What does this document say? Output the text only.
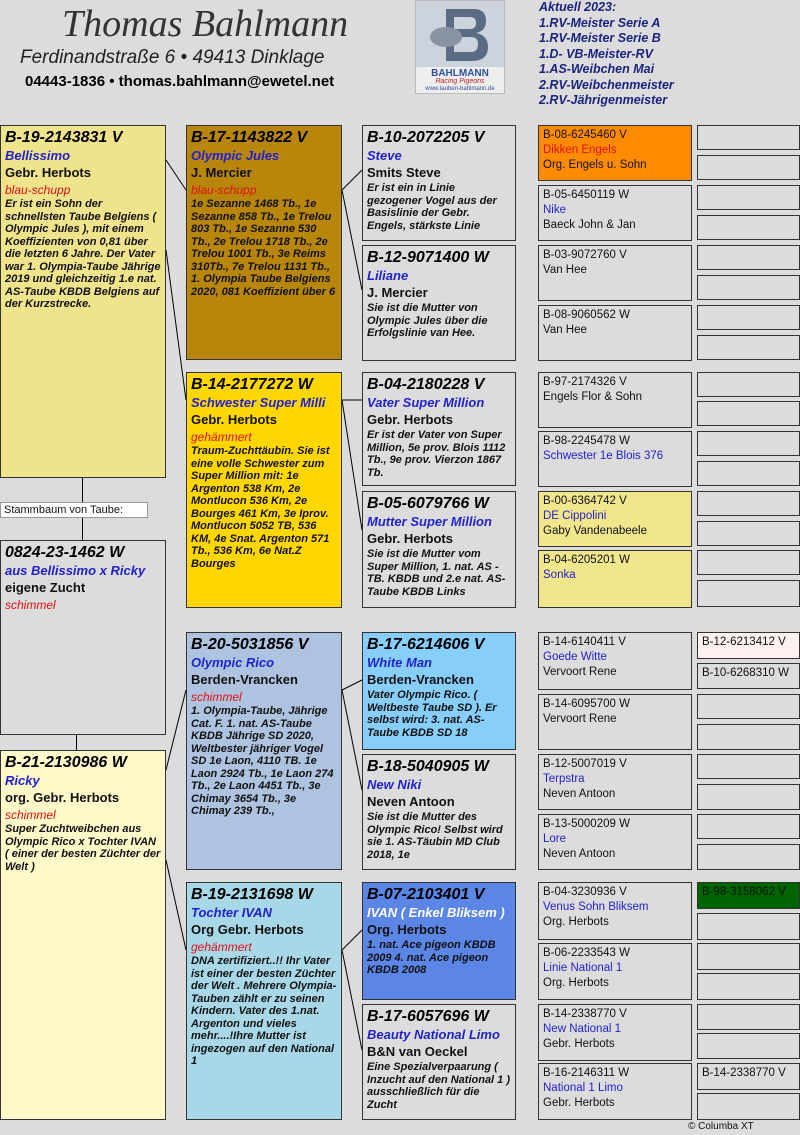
Thomas Bahlmann
Ferdinandstraße 6 • 49413 Dinklage
04443-1836 • thomas.bahlmann@ewetel.net	BAHLMANN
Racing Pigeons
www.tauben-bahlmann.de
Aktuell 2023:
1.RV-Meister Serie A
1.RV-Meister Serie B
1.D- VB-Meister-RV
1.AS-Weibchen Mai
2.RV-Weibchenmeister
2.RV-Jährigenmeister
B-19-2143831 V
Bellissimo
Gebr. Herbots
blau-schupp
Er ist ein Sohn der schnellsten Taube Belgiens ( Olympic Jules ), mit einem Koeffizienten von 0,81 über die letzten 6 Jahre. Der Vater war 1. Olympia-Taube Jährige 2019 und gleichzeitig 1.e nat. AS-Taube KBDB Belgiens auf der Kurzstrecke.
Stammbaum von Taube:
0824-23-1462 W
aus Bellissimo x Ricky
eigene Zucht
schimmel
B-21-2130986 W
Ricky
org. Gebr. Herbots
schimmel
Super Zuchtweibchen aus Olympic Rico x Tochter IVAN ( einer der besten Züchter der Welt )
B-17-1143822 V
Olympic Jules
J. Mercier
blau-schupp
1e Sezanne 1468 Tb., 1e Sezanne 858 Tb., 1e Trelou 803 Tb., 1e Sezanne 530 Tb., 2e Trelou 1718 Tb., 2e Trelou 1001 Tb., 3e Reims 310Tb., 7e Trelou 1131 Tb., 1. Olympia Taube Belgiens 2020, 081 Koeffizient über 6
B-14-2177272 W
Schwester Super Milli
Gebr. Herbots
gehämmert
Traum-Zuchttäubin. Sie ist eine volle Schwester zum Super Million mit: 1e Argenton 538 Km, 2e Montlucon 536 Km, 2e Bourges 461 Km, 3e Iprov. Montlucon 5052 TB, 536 KM, 4e Snat. Argenton 571 Tb., 536 Km, 6e Nat.Z Bourges
B-20-5031856 V
Olympic Rico
Berden-Vrancken
schimmel
1. Olympia-Taube, Jährige Cat. F. 1. nat. AS-Taube KBDB Jährige SD 2020, Weltbester jähriger Vogel SD 1e Laon, 4110 TB. 1e Laon 2924 Tb., 1e Laon 274 Tb., 2e Laon 4451 Tb., 3e Chimay 3654 Tb., 3e Chimay 239 Tb.,
B-19-2131698 W
Tochter IVAN
Org Gebr. Herbots
gehämmert
DNA zertifiziert..!! Ihr Vater ist einer der besten Züchter der Welt . Mehrere Olympia-Tauben zählt er zu seinen Kindern. Vater des 1.nat. Argenton und vieles mehr....!Ihre Mutter ist ingezogen auf den National 1
B-10-2072205 V
Steve
Smits Steve
Er ist ein in Linie gezogener Vogel aus der Basislinie der Gebr. Engels, stärkste Linie
B-12-9071400 W
Liliane
J. Mercier
Sie ist die Mutter von Olympic Jules über die Erfolgslinie van Hee.
B-04-2180228 V
Vater Super Million
Gebr. Herbots
Er ist der Vater von Super Million, 5e prov. Blois 1112 Tb., 9e prov. Vierzon 1867 Tb.
B-05-6079766 W
Mutter Super Million
Gebr. Herbots
Sie ist die Mutter vom Super Million, 1. nat. AS -TB. KBDB und 2.e nat. AS-Taube KBDB Links
B-17-6214606 V
White Man
Berden-Vrancken
Vater Olympic Rico. ( Weltbeste Taube SD ). Er selbst wird: 3. nat. AS-Taube KBDB SD 18
B-18-5040905 W
New Niki
Neven Antoon
Sie ist die Mutter des Olympic Rico! Selbst wird sie 1. AS-Täubin MD Club 2018, 1e
B-07-2103401 V
IVAN ( Enkel Bliksem )
Org. Herbots
1. nat. Ace pigeon KBDB 2009 4. nat. Ace pigeon KBDB 2008
B-17-6057696 W
Beauty National Limo
B&N van Oeckel
Eine Spezialverpaarung ( Inzucht auf den National 1 ) ausschließlich für die Zucht
B-08-6245460 V
Dikken Engels
Org. Engels u. Sohn
B-05-6450119 W
Nike
Baeck John & Jan
B-03-9072760 V
Van Hee
B-08-9060562 W
Van Hee
B-97-2174326 V
Engels Flor & Sohn
B-98-2245478 W
Schwester 1e Blois 376
B-00-6364742 V
DE Cippolini
Gaby Vandenabeele
B-04-6205201 W
Sonka
B-14-6140411 V
Goede Witte
Vervoort Rene
B-14-6095700 W
Vervoort Rene
B-12-5007019 V
Terpstra
Neven Antoon
B-13-5000209 W
Lore
Neven Antoon
B-04-3230936 V
Venus Sohn Bliksem
Org. Herbots
B-06-2233543 W
Linie National 1
Org. Herbots
B-14-2338770 V
New National 1
Gebr. Herbots
B-16-2146311 W
National 1 Limo
Gebr. Herbots
B-12-6213412 V
B-10-6268310 W
B-98-3158062 V
B-14-2338770 V
© Columba XT
